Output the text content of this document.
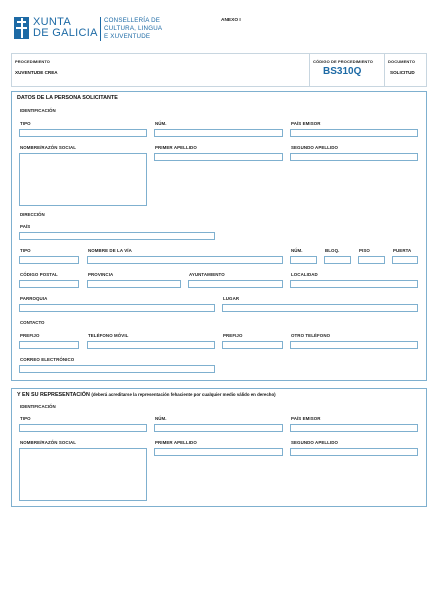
XUNTA
DE GALICIA
CONSELLERÍA DE
CULTURA, LINGUA
E XUVENTUDE
ANEXO I
PROCEDIMIENTO
XUVENTUDE CREA
CÓDIGO DE PROCEDIMIENTO
BS310Q
DOCUMENTO
SOLICITUD
DATOS DE LA PERSONA SOLICITANTE
IDENTIFICACIÓN
TIPO	NÚM.	PAÍS EMISOR
NOMBRE/RAZÓN SOCIAL	PRIMER APELLIDO	SEGUNDO APELLIDO
DIRECCIÓN
PAÍS
TIPO	NOMBRE DE LA VÍA	NÚM.	BLOQ.	PISO	PUERTA
CÓDIGO POSTAL	PROVINCIA	AYUNTAMIENTO	LOCALIDAD
PARROQUIA	LUGAR
CONTACTO
PREFIJO	TELÉFONO MÓVIL	PREFIJO	OTRO TELÉFONO
CORREO ELECTRÓNICO
Y EN SU REPRESENTACIÓN (deberá acreditarse la representación fehaciente por cualquier medio válido en derecho)
IDENTIFICACIÓN
TIPO	NÚM.	PAÍS EMISOR
NOMBRE/RAZÓN SOCIAL	PRIMER APELLIDO	SEGUNDO APELLIDO
